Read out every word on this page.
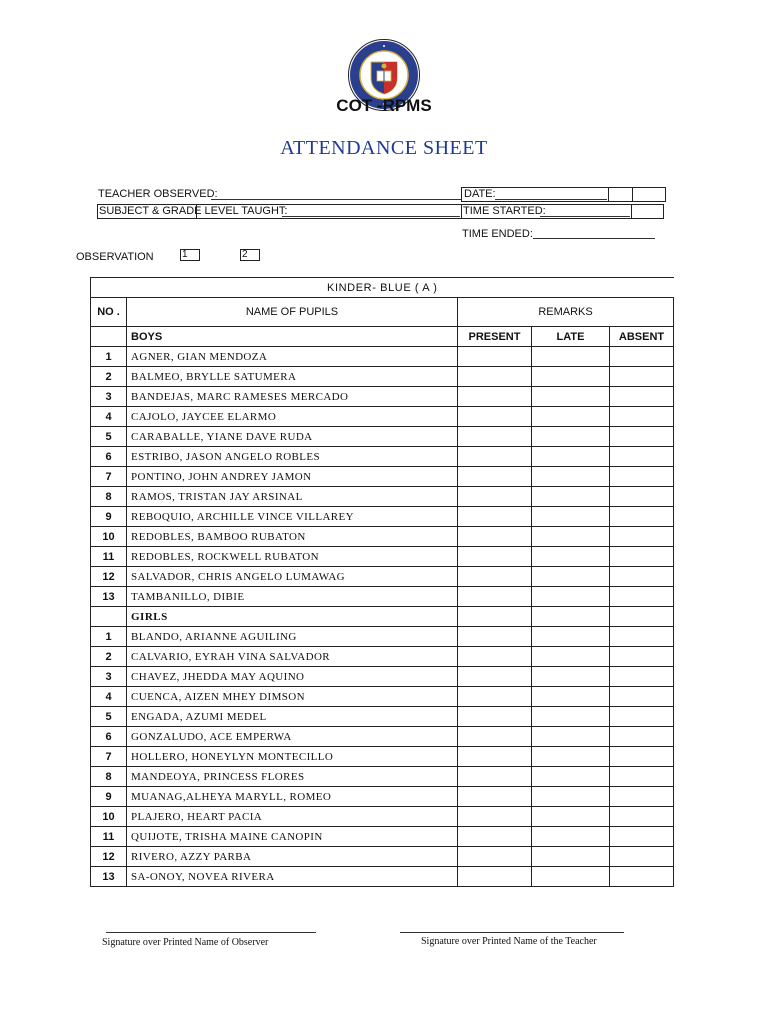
COT -RPMS
ATTENDANCE SHEET
TEACHER OBSERVED:	DATE:
SUBJECT & GRADE LEVEL TAUGHT:	TIME STARTED:
TIME ENDED:
OBSERVATION	1	2
KINDER- BLUE ( A )				
NO .	NAME OF PUPILS	REMARKS		
	BOYS	PRESENT	LATE	ABSENT
1	AGNER, GIAN MENDOZA			
2	BALMEO, BRYLLE SATUMERA			
3	BANDEJAS, MARC RAMESES MERCADO			
4	CAJOLO, JAYCEE ELARMO			
5	CARABALLE, YIANE DAVE RUDA			
6	ESTRIBO, JASON ANGELO ROBLES			
7	PONTINO, JOHN ANDREY JAMON			
8	RAMOS, TRISTAN JAY ARSINAL			
9	REBOQUIO, ARCHILLE VINCE VILLAREY			
10	REDOBLES, BAMBOO RUBATON			
11	REDOBLES, ROCKWELL RUBATON			
12	SALVADOR, CHRIS ANGELO LUMAWAG			
13	TAMBANILLO, DIBIE			
	GIRLS			
1	BLANDO, ARIANNE AGUILING			
2	CALVARIO, EYRAH VINA SALVADOR			
3	CHAVEZ, JHEDDA MAY AQUINO			
4	CUENCA, AIZEN MHEY DIMSON			
5	ENGADA, AZUMI MEDEL			
6	GONZALUDO, ACE EMPERWA			
7	HOLLERO, HONEYLYN MONTECILLO			
8	MANDEOYA, PRINCESS FLORES			
9	MUANAG,ALHEYA MARYLL, ROMEO			
10	PLAJERO, HEART PACIA			
11	QUIJOTE, TRISHA MAINE CANOPIN			
12	RIVERO, AZZY PARBA			
13	SA-ONOY, NOVEA RIVERA			
Signature over Printed Name of Observer	Signature over Printed Name of the Teacher
